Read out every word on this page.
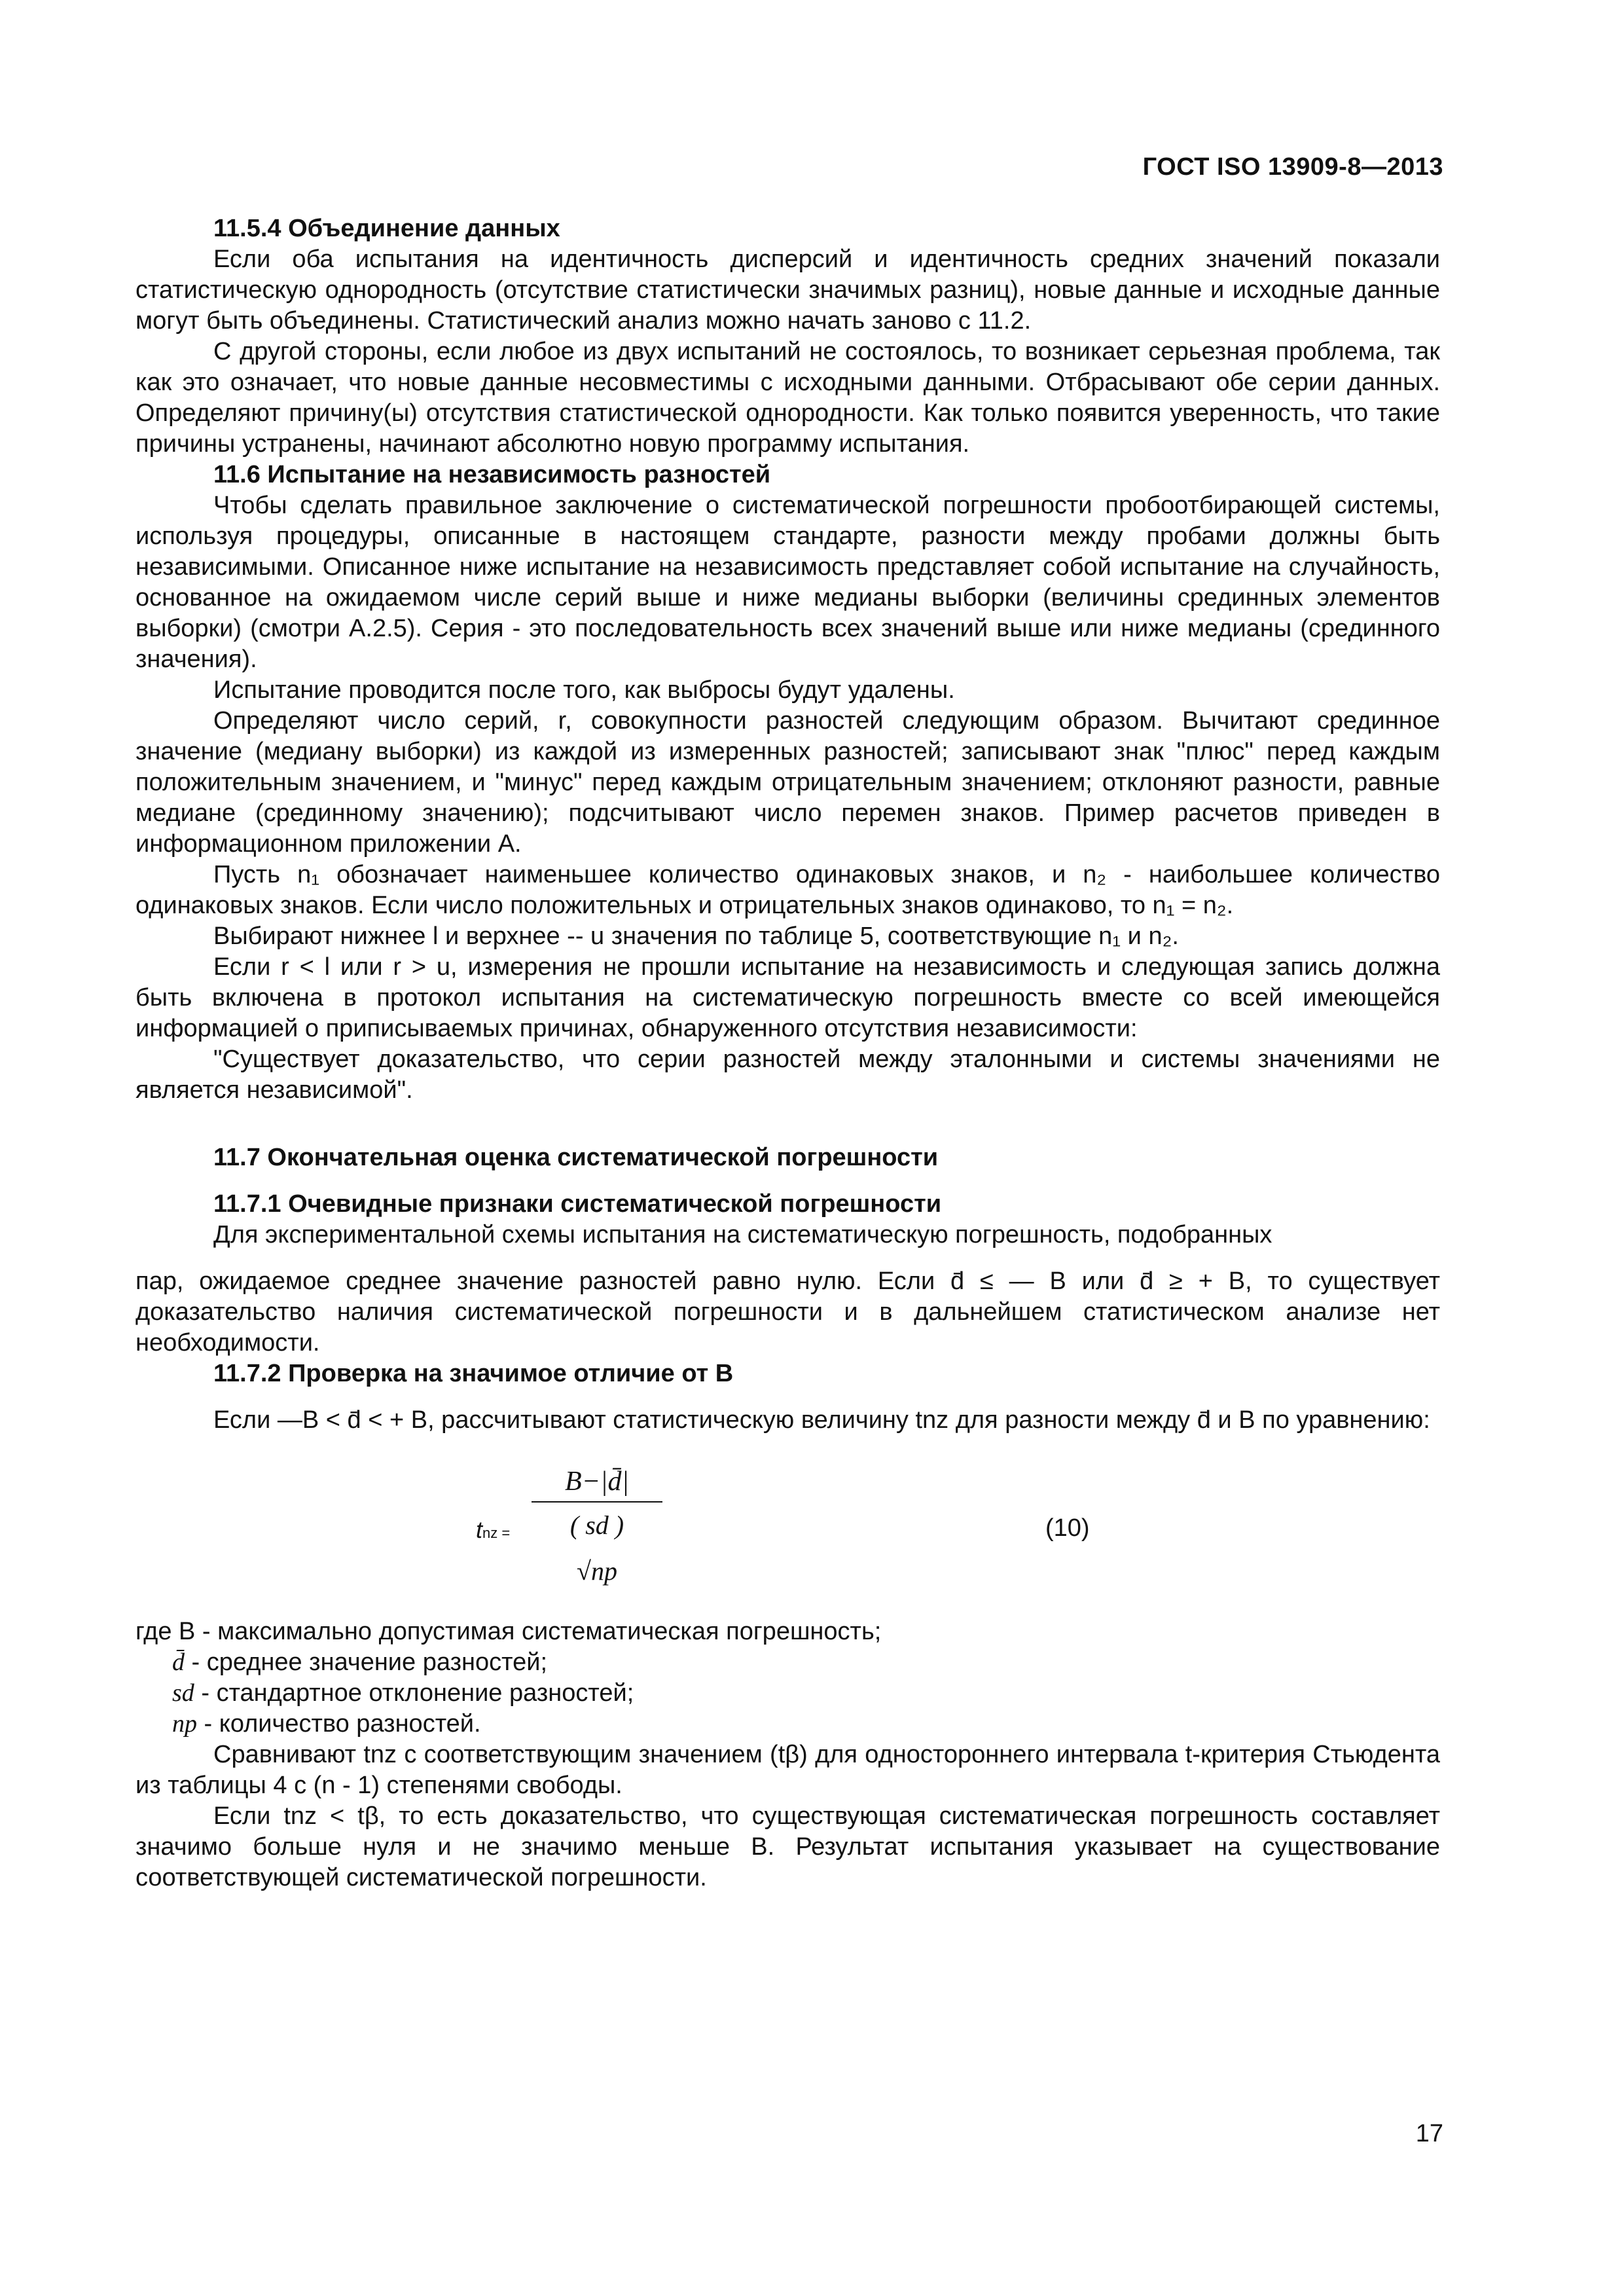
ГОСТ ISO 13909-8—2013

11.5.4 Объединение данных

Если оба испытания на идентичность дисперсий и идентичность средних значений показали статистическую однородность (отсутствие статистически значимых разниц), новые данные и исходные данные могут быть объединены. Статистический анализ можно начать заново с 11.2.

С другой стороны, если любое из двух испытаний не состоялось, то возникает серьезная проблема, так как это означает, что новые данные несовместимы с исходными данными. Отбрасывают обе серии данных. Определяют причину(ы) отсутствия статистической однородности. Как только появится уверенность, что такие причины устранены, начинают абсолютно новую программу испытания.

11.6 Испытание на независимость разностей

Чтобы сделать правильное заключение о систематической погрешности пробоотбирающей системы, используя процедуры, описанные в настоящем стандарте, разности между пробами должны быть независимыми. Описанное ниже испытание на независимость представляет собой испытание на случайность, основанное на ожидаемом числе серий выше и ниже медианы выборки (величины срединных элементов выборки) (смотри А.2.5). Серия - это последовательность всех значений выше или ниже медианы (срединного значения).

Испытание проводится после того, как выбросы будут удалены.

Определяют число серий, r, совокупности разностей следующим образом. Вычитают срединное значение (медиану выборки) из каждой из измеренных разностей; записывают знак "плюс" перед каждым положительным значением, и "минус" перед каждым отрицательным значением; отклоняют разности, равные медиане (срединному значению); подсчитывают число перемен знаков. Пример расчетов приведен в информационном приложении А.

Пусть n₁ обозначает наименьшее количество одинаковых знаков, и n₂ - наибольшее количество одинаковых знаков. Если число положительных и отрицательных знаков одинаково, то n₁ = n₂.

Выбирают нижнее l и верхнее -- u значения по таблице 5, соответствующие n₁ и n₂.

Если r < l или r > u, измерения не прошли испытание на независимость и следующая запись должна быть включена в протокол испытания на систематическую погрешность вместе со всей имеющейся информацией о приписываемых причинах, обнаруженного отсутствия независимости:

"Существует доказательство, что серии разностей между эталонными и системы значениями не является независимой".

11.7 Окончательная оценка систематической погрешности

11.7.1 Очевидные признаки систематической погрешности

Для экспериментальной схемы испытания на систематическую погрешность, подобранных

пар, ожидаемое среднее значение разностей равно нулю. Если d̄ ≤ — B или d̄ ≥ + B, то существует доказательство наличия систематической погрешности и в дальнейшем статистическом анализе нет необходимости.

11.7.2 Проверка на значимое отличие от B

Если —B < d̄ < + B, рассчитывают статистическую величину tnz для разности между d̄ и B по уравнению:

tnz = B−|d̄|
( sd )
√np	(10)

где B - максимально допустимая систематическая погрешность;

d̄ - среднее значение разностей;
sd - стандартное отклонение разностей;
np - количество разностей.

Сравнивают tnz с соответствующим значением (tβ) для одностороннего интервала t-критерия Стьюдента из таблицы 4 с (n - 1) степенями свободы.

Если tnz < tβ, то есть доказательство, что существующая систематическая погрешность составляет значимо больше нуля и не значимо меньше B. Результат испытания указывает на существование соответствующей систематической погрешности.

17
